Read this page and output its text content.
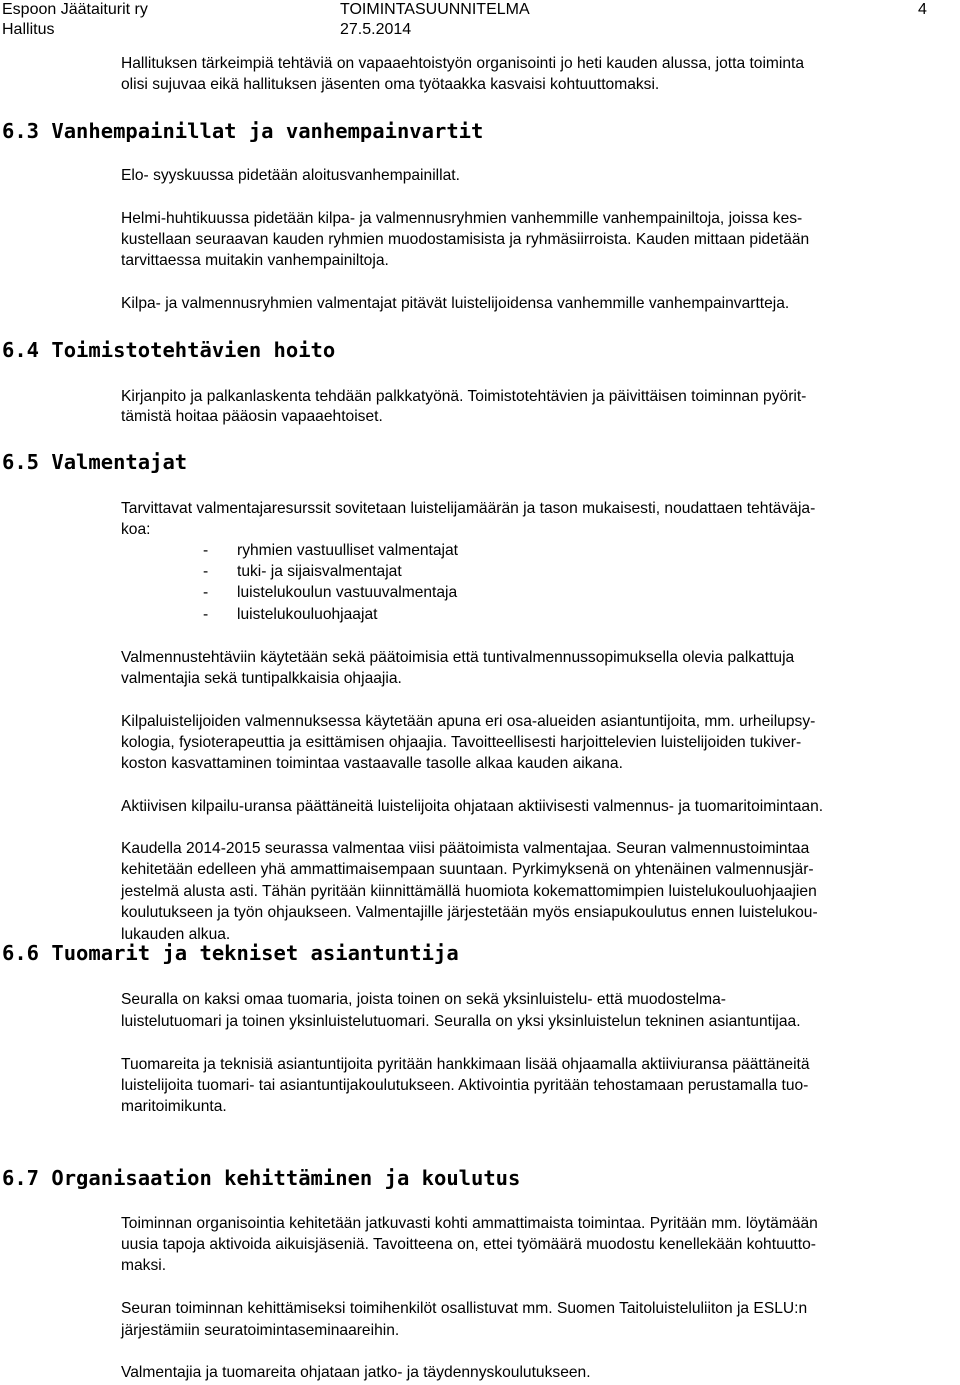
Espoon Jäätaiturit ry	TOIMINTASUUNNITELMA	4
Hallitus	27.5.2014
Hallituksen tärkeimpiä tehtäviä on vapaaehtoistyön organisointi jo heti kauden alussa, jotta toiminta
olisi sujuvaa eikä hallituksen jäsenten oma työtaakka kasvaisi kohtuuttomaksi.
6.3 Vanhempainillat ja vanhempainvartit
Elo- syyskuussa pidetään aloitusvanhempainillat.
Helmi-huhtikuussa pidetään kilpa- ja valmennusryhmien vanhemmille vanhempainiltoja, joissa kes-
kustellaan seuraavan kauden ryhmien muodostamisista ja ryhmäsiirroista. Kauden mittaan pidetään
tarvittaessa muitakin vanhempainiltoja.
Kilpa- ja valmennusryhmien valmentajat pitävät luistelijoidensa vanhemmille vanhempainvartteja.
6.4 Toimistotehtävien hoito
Kirjanpito ja palkanlaskenta tehdään palkkatyönä. Toimistotehtävien ja päivittäisen toiminnan pyörit-
tämistä hoitaa pääosin vapaaehtoiset.
6.5 Valmentajat
Tarvittavat valmentajaresurssit sovitetaan luistelijamäärän ja tason mukaisesti, noudattaen tehtäväja-
koa:
- ryhmien vastuulliset valmentajat
- tuki- ja sijaisvalmentajat
- luistelukoulun vastuuvalmentaja
- luistelukouluohjaajat
Valmennustehtäviin käytetään sekä päätoimisia että tuntivalmennussopimuksella olevia palkattuja
valmentajia sekä tuntipalkkaisia ohjaajia.
Kilpaluistelijoiden valmennuksessa käytetään apuna eri osa-alueiden asiantuntijoita, mm. urheilupsy-
kologia, fysioterapeuttia ja esittämisen ohjaajia. Tavoitteellisesti harjoittelevien luistelijoiden tukiver-
koston kasvattaminen toimintaa vastaavalle tasolle alkaa kauden aikana.
Aktiivisen kilpailu-uransa päättäneitä luistelijoita ohjataan aktiivisesti valmennus- ja tuomaritoimintaan.
Kaudella 2014-2015 seurassa valmentaa viisi päätoimista valmentajaa. Seuran valmennustoimintaa
kehitetään edelleen yhä ammattimaisempaan suuntaan. Pyrkimyksenä on yhtenäinen valmennusjär-
jestelmä alusta asti. Tähän pyritään kiinnittämällä huomiota kokemattomimpien luistelukouluohjaajien
koulutukseen ja työn ohjaukseen. Valmentajille järjestetään myös ensiapukoulutus ennen luistelukou-
lukauden alkua.
6.6 Tuomarit ja tekniset asiantuntija
Seuralla on kaksi omaa tuomaria, joista toinen on sekä yksinluistelu- että muodostelma-
luistelutuomari ja toinen yksinluistelutuomari. Seuralla on yksi yksinluistelun tekninen asiantuntijaa.
Tuomareita ja teknisiä asiantuntijoita pyritään hankkimaan lisää ohjaamalla aktiiviuransa päättäneitä
luistelijoita tuomari- tai asiantuntijakoulutukseen. Aktivointia pyritään tehostamaan perustamalla tuo-
maritoimikunta.
6.7 Organisaation kehittäminen ja koulutus
Toiminnan organisointia kehitetään jatkuvasti kohti ammattimaista toimintaa. Pyritään mm. löytämään
uusia tapoja aktivoida aikuisjäseniä. Tavoitteena on, ettei työmäärä muodostu kenellekään kohtuutto-
maksi.
Seuran toiminnan kehittämiseksi toimihenkilöt osallistuvat mm. Suomen Taitoluisteluliiton ja ESLU:n
järjestämiin seuratoimintaseminaareihin.
Valmentajia ja tuomareita ohjataan jatko- ja täydennyskoulutukseen.
